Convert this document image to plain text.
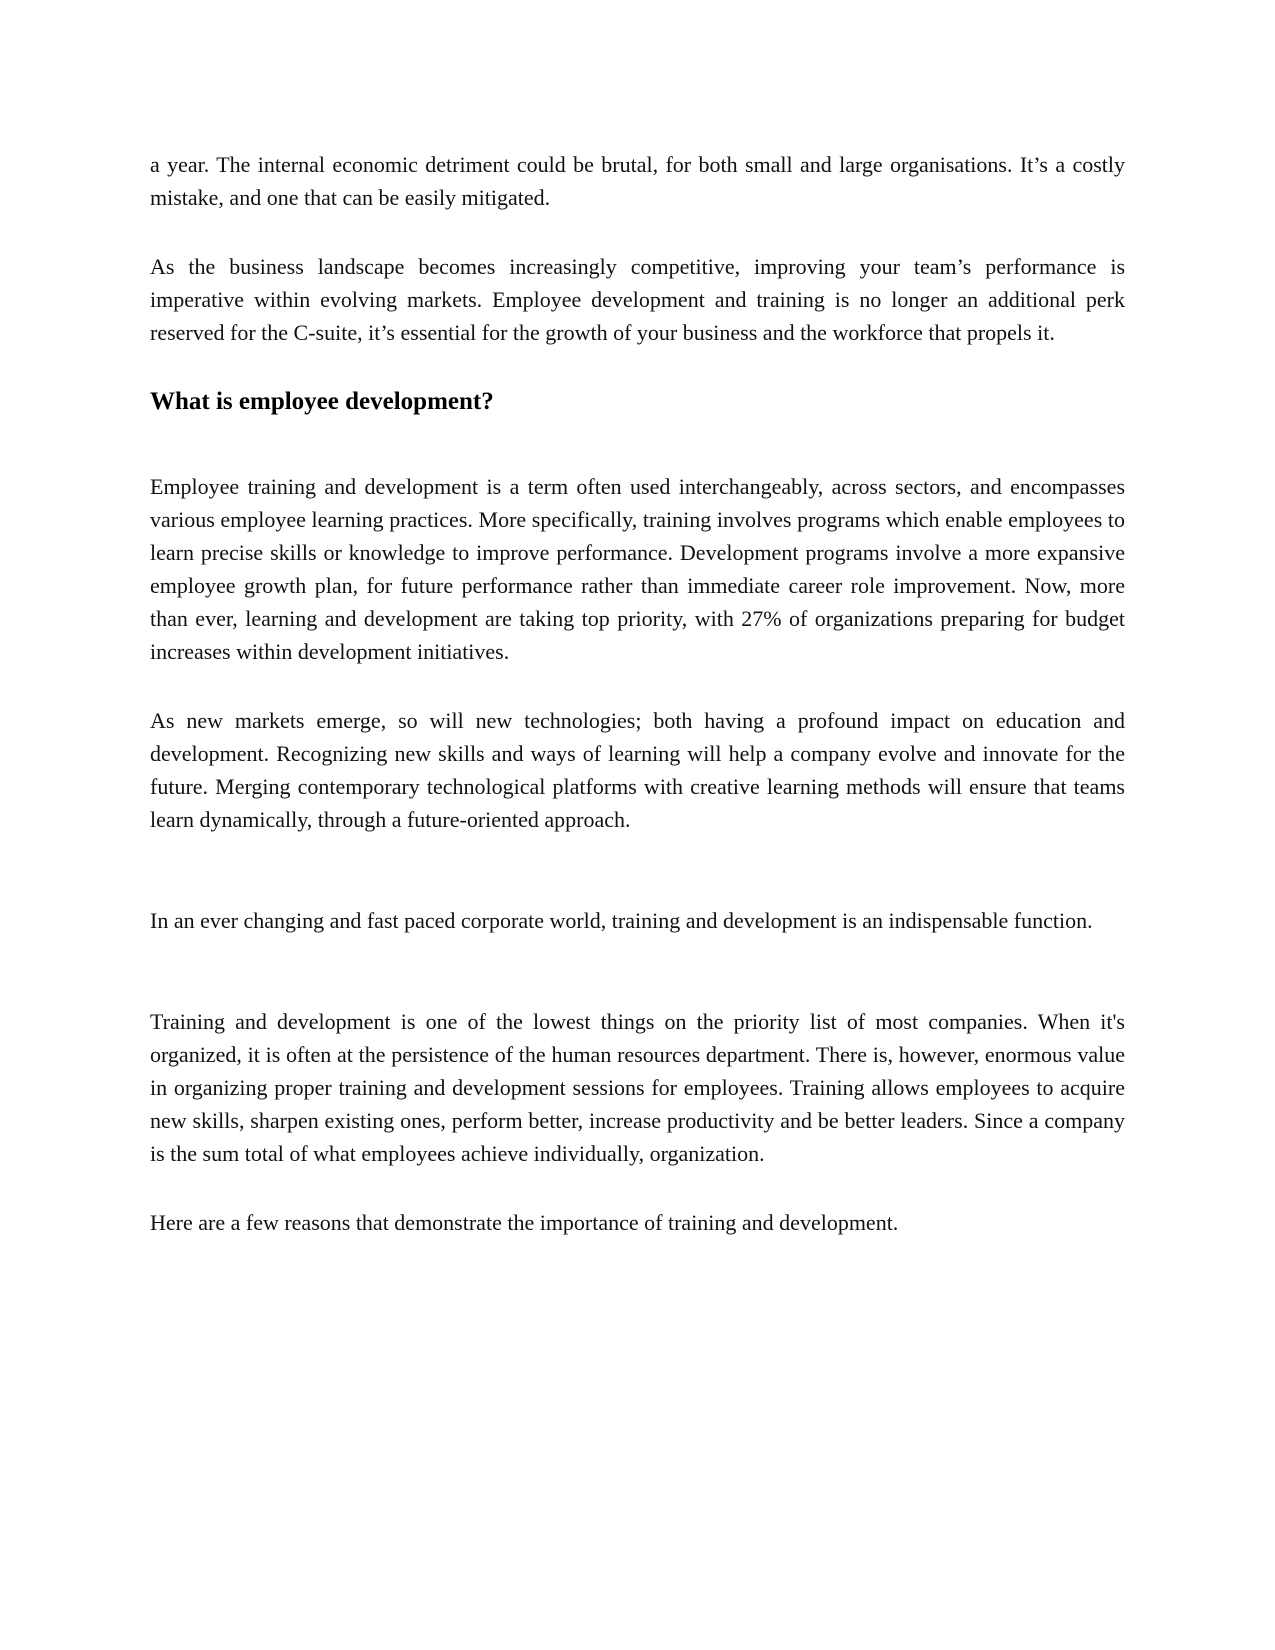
a year. The internal economic detriment could be brutal, for both small and large organisations. It’s a costly mistake, and one that can be easily mitigated.

As the business landscape becomes increasingly competitive, improving your team’s performance is imperative within evolving markets. Employee development and training is no longer an additional perk reserved for the C-suite, it’s essential for the growth of your business and the workforce that propels it.

What is employee development?

Employee training and development is a term often used interchangeably, across sectors, and encompasses various employee learning practices. More specifically, training involves programs which enable employees to learn precise skills or knowledge to improve performance. Development programs involve a more expansive employee growth plan, for future performance rather than immediate career role improvement. Now, more than ever, learning and development are taking top priority, with 27% of organizations preparing for budget increases within development initiatives.

As new markets emerge, so will new technologies; both having a profound impact on education and development. Recognizing new skills and ways of learning will help a company evolve and innovate for the future. Merging contemporary technological platforms with creative learning methods will ensure that teams learn dynamically, through a future-oriented approach.

In an ever changing and fast paced corporate world, training and development is an indispensable function.

Training and development is one of the lowest things on the priority list of most companies. When it's organized, it is often at the persistence of the human resources department. There is, however, enormous value in organizing proper training and development sessions for employees. Training allows employees to acquire new skills, sharpen existing ones, perform better, increase productivity and be better leaders. Since a company is the sum total of what employees achieve individually, organization.

Here are a few reasons that demonstrate the importance of training and development.
